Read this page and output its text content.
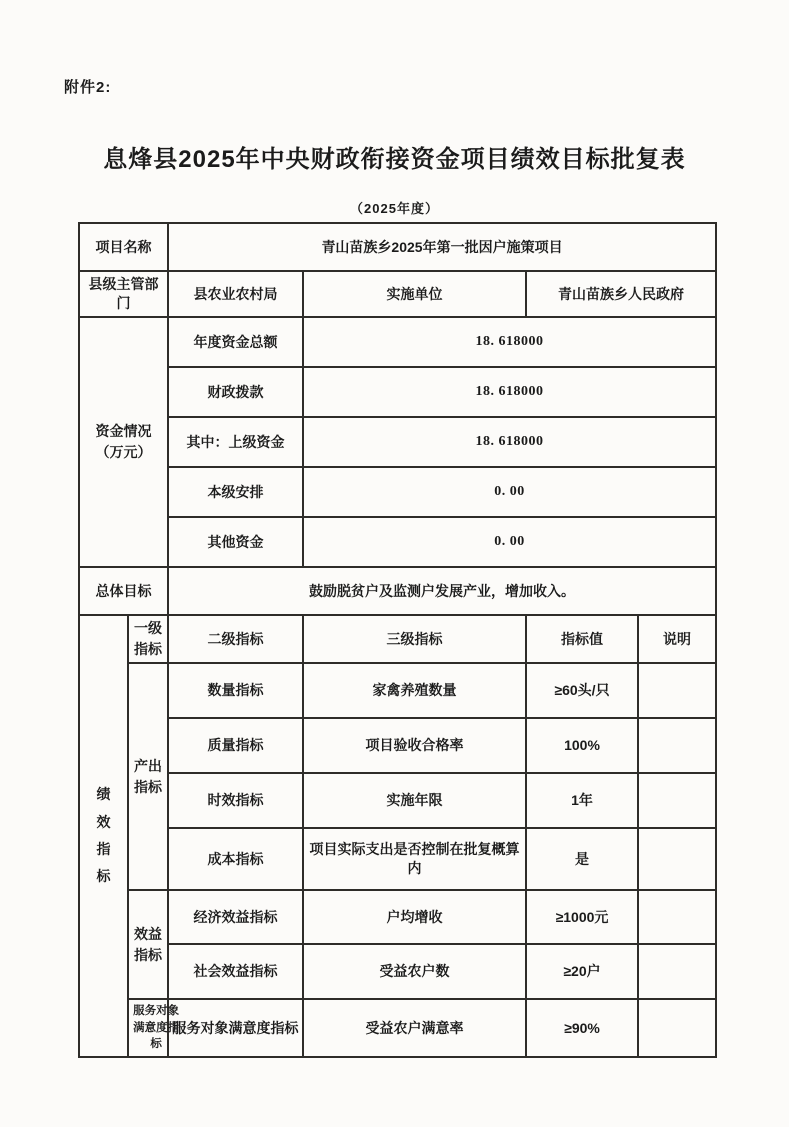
附件2:
息烽县2025年中央财政衔接资金项目绩效目标批复表
（2025年度）
项目名称		青山苗族乡2025年第一批因户施策项目			
县级主管部门		县农业农村局	实施单位	青山苗族乡人民政府	
资金情况（万元）		年度资金总额	18. 618000		
		财政拨款	18. 618000		
		其中：上级资金	18. 618000		
		本级安排	0. 00		
		其他资金	0. 00		
总体目标		鼓励脱贫户及监测户发展产业，增加收入。			
绩效指标	一级指标	二级指标	三级指标	指标值	说明
	产出指标	数量指标	家禽养殖数量	≥60头/只	
		质量指标	项目验收合格率	100%	
		时效指标	实施年限	1年	
		成本指标	项目实际支出是否控制在批复概算内	是	
	效益指标	经济效益指标	户均增收	≥1000元	
		社会效益指标	受益农户数	≥20户	
	服务对象满意度指标	服务对象满意度指标	受益农户满意率	≥90%	
